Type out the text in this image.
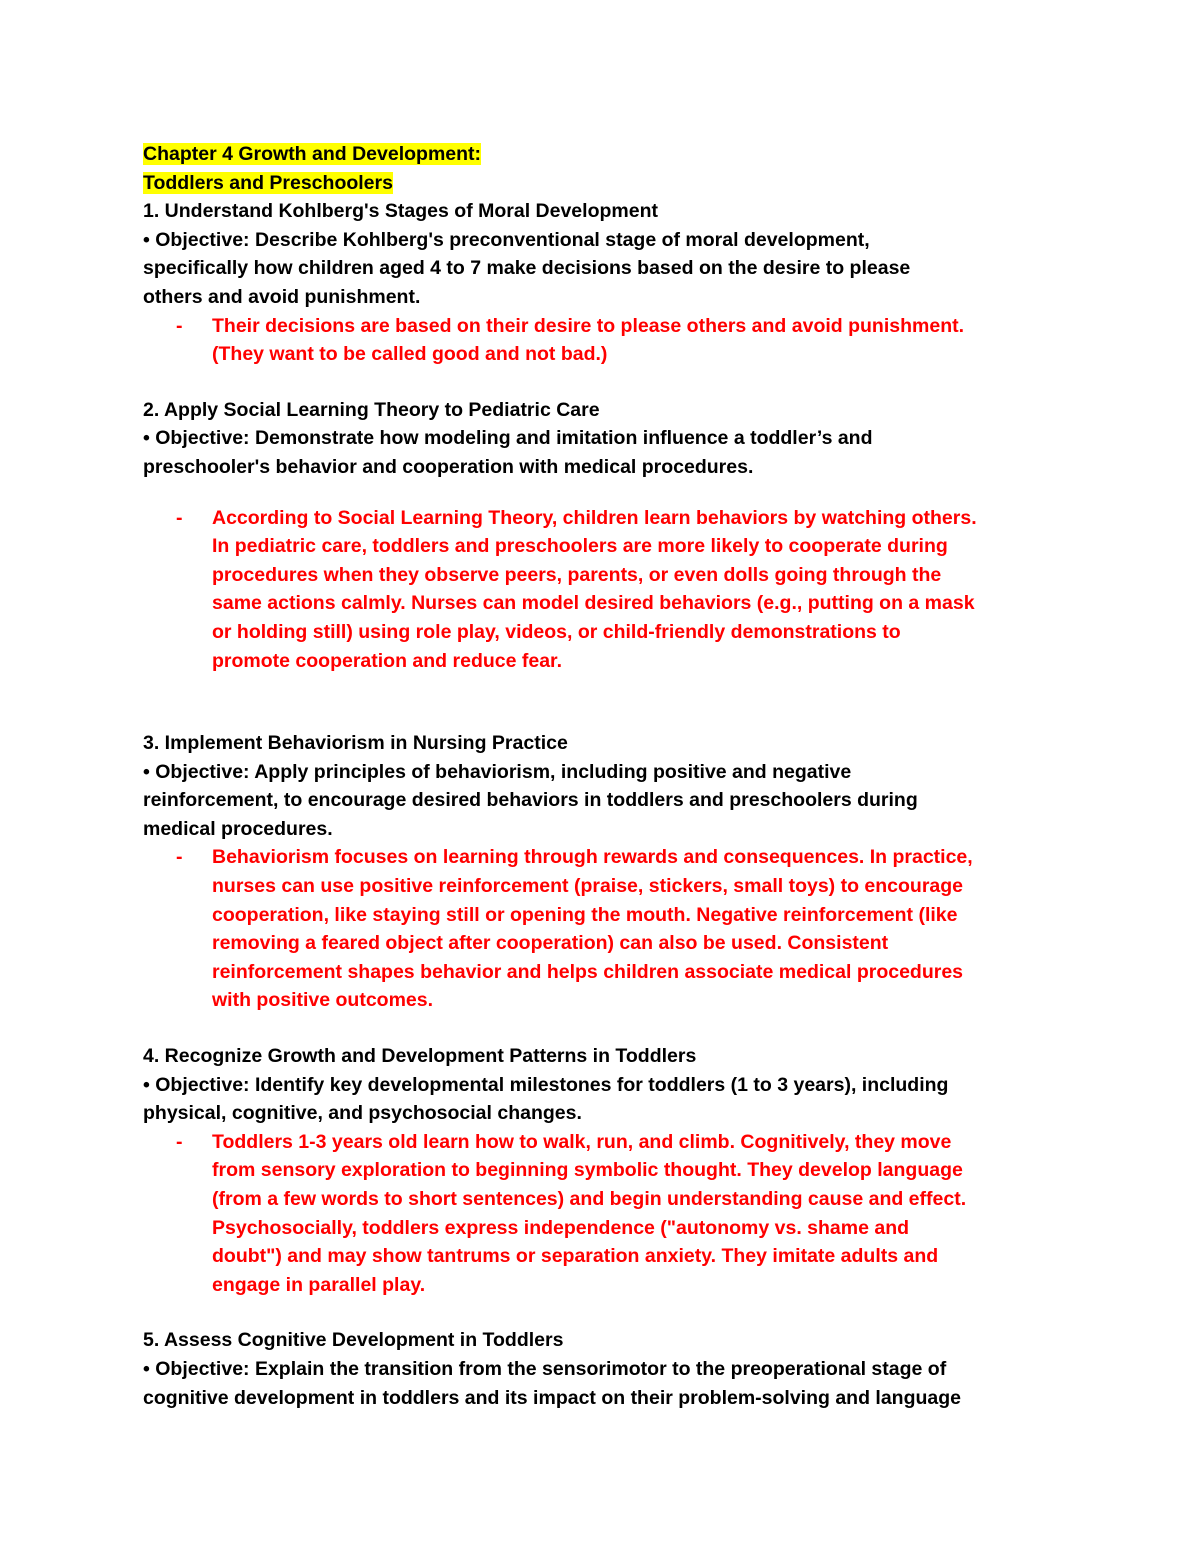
Chapter 4 Growth and Development:

Toddlers and Preschoolers

1. Understand Kohlberg's Stages of Moral Development

• Objective: Describe Kohlberg's preconventional stage of moral development,

specifically how children aged 4 to 7 make decisions based on the desire to please

others and avoid punishment.

- Their decisions are based on their desire to please others and avoid punishment.

(They want to be called good and not bad.)

2. Apply Social Learning Theory to Pediatric Care

• Objective: Demonstrate how modeling and imitation influence a toddler’s and

preschooler's behavior and cooperation with medical procedures.

- According to Social Learning Theory, children learn behaviors by watching others.

In pediatric care, toddlers and preschoolers are more likely to cooperate during

procedures when they observe peers, parents, or even dolls going through the

same actions calmly. Nurses can model desired behaviors (e.g., putting on a mask

or holding still) using role play, videos, or child-friendly demonstrations to

promote cooperation and reduce fear.

3. Implement Behaviorism in Nursing Practice

• Objective: Apply principles of behaviorism, including positive and negative

reinforcement, to encourage desired behaviors in toddlers and preschoolers during

medical procedures.

- Behaviorism focuses on learning through rewards and consequences. In practice,

nurses can use positive reinforcement (praise, stickers, small toys) to encourage

cooperation, like staying still or opening the mouth. Negative reinforcement (like

removing a feared object after cooperation) can also be used. Consistent

reinforcement shapes behavior and helps children associate medical procedures

with positive outcomes.

4. Recognize Growth and Development Patterns in Toddlers

• Objective: Identify key developmental milestones for toddlers (1 to 3 years), including

physical, cognitive, and psychosocial changes.

- Toddlers 1-3 years old learn how to walk, run, and climb. Cognitively, they move

from sensory exploration to beginning symbolic thought. They develop language

(from a few words to short sentences) and begin understanding cause and effect.

Psychosocially, toddlers express independence ("autonomy vs. shame and

doubt") and may show tantrums or separation anxiety. They imitate adults and

engage in parallel play.

5. Assess Cognitive Development in Toddlers

• Objective: Explain the transition from the sensorimotor to the preoperational stage of

cognitive development in toddlers and its impact on their problem-solving and language
